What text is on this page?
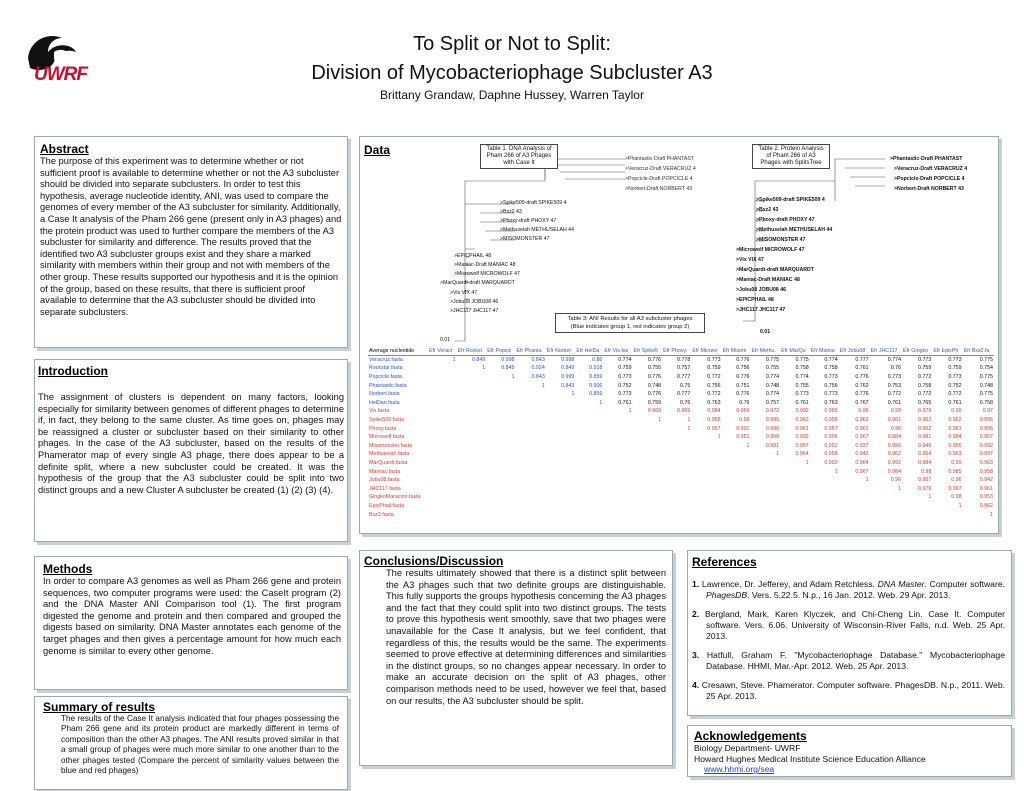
UWRF
To Split or Not to Split:
Division of Mycobacteriophage Subcluster A3
Brittany Grandaw, Daphne Hussey, Warren Taylor
Abstract
The purpose of this experiment was to determine whether or not sufficient proof is available to determine whether or not the A3 subcluster should be divided into separate subclusters. In order to test this hypothesis, average nucleotide identity, ANI, was used to compare the genomes of every member of the A3 subcluster for similarity. Additionally, a Case It analysis of the Pham 266 gene (present only in A3 phages) and the protein product was used to further compare the members of the A3 subcluster for similarity and difference. The results proved that the identified two A3 subcluster groups exist and they share a marked similarity with members within their group and not with members of the other group. These results supported our hypothesis and it is the opinion of the group, based on these results, that there is sufficient proof available to determine that the A3 subcluster should be divided into separate subclusters.
Introduction
The assignment of clusters is dependent on many factors, looking especially for similarity between genomes of different phages to determine if, in fact, they belong to the same cluster. As time goes on, phages may be reassigned a cluster or subcluster based on their similarity to other phages. In the case of the A3 subcluster, based on the results of the Phamerator map of every single A3 phage, there does appear to be a definite split, where a new subcluster could be created. It was the hypothesis of the group that the A3 subcluster could be split into two distinct groups and a new Cluster A subcluster be created (1) (2) (3) (4).
Methods
In order to compare A3 genomes as well as Pham 266 gene and protein sequences, two computer programs were used: the CaseIt program (2) and the DNA Master ANI Comparison tool (1). The first program digested the genome and protein and then compared and grouped the digests based on similarity. DNA Master annotates each genome of the target phages and then gives a percentage amount for how much each genome is similar to every other genome.
Summary of results
The results of the Case It analysis indicated that four phages possessing the Pham 266 gene and its protein product are markedly different in terms of composition than the other A3 phages. The ANI results proved similar in that a small group of phages were much more similar to one another than to the other phages tested (Compare the percent of similarity values between the blue and red phages)
Data	Table 1. DNA Analysis of Pham 266 of A3 Phages with Case It
>Phantastic-Draft PHANTAST
>Veracruz-Draft VERACRUZ 4
>Popcicle-Draft POPCICLE 4
>Norbert-Draft NORBERT 43
>Spike509-draft SPIKE509 4
>Bxz2 43
>Phoxy-draft PHOXY 47
>Methuselah METHUSELAH 44
>MISOMONSTER 47
>EPICPHAIL 48
>Maniac-Draft MANIAC 48
>Microwolf MICROWOLF 47
>MarQuardt-draft MARQUARDT
>Vix VIX 47
>Jobu08 JOBU08 46
>JHC117 JHC117 47
0.01
Table 2. Protein Analysis of Pham 266 of A3 Phages with SplitsTree
>Phantastic-Draft PHANTAST
>Veracruz-Draft VERACRUZ 4
>Popcicle-Draft POPCICLE 4
>Norbert-Draft NORBERT 43
>Spike509-draft SPIKE509 4
>Bxz2 43
>Phoxy-draft PHOXY 47
>Methuselah METHUSELAH 44
>MISOMONSTER 47
>Microwolf MICROWOLF 47
>Vix VIX 47
>MarQuardt-draft MARQUARDT
>Maniac-Draft MANIAC 48
>Jobu08 JOBU08 46
>EPICPHAIL 48
>JHC117 JHC117 47
0.01
Table 3: ANI Results for all A3 subcluster phages
(Blue indicates group 1, red indicates group 2)
Average nucleotide	Efr Veracr	Efr Rockst	Efr Popcic	Efr Phanta	Efr Norber	Efr HelDa	Efr Vix.fas	Efr Spike5	Efr Phoxy.	Efr Micrwo	Efr Misom	Efr Methu.	Efr MarQu	Efr Mainia	Efr Jobu08	Efr JHC117	Efr Gingko	Efr EpicPh	Efr Bxz2.fa
Veracruz.fasta	1	0.849	0.998	0.843	0.998	0.86	0.774	0.776	0.778	0.773	0.776	0.775	0.775	0.774	0.777	0.774	0.773	0.773	0.775
Rockstar.fasta		1	0.849	0.924	0.849	0.918	0.759	0.755	0.757	0.759	0.756	0.755	0.758	0.758	0.761	0.76	0.759	0.759	0.754
Popcicle.fasta			1	0.843	0.999	0.859	0.773	0.776	0.777	0.772	0.776	0.774	0.774	0.773	0.776	0.773	0.772	0.773	0.775
Phantastic.fasta				1	0.843	0.906	0.752	0.748	0.75	0.756	0.751	0.748	0.755	0.756	0.762	0.753	0.758	0.752	0.748
Norbert.fasta					1	0.859	0.773	0.776	0.777	0.772	0.776	0.774	0.773	0.773	0.776	0.772	0.772	0.772	0.775
HelDan.fasta						1	0.761	0.759	0.76	0.763	0.76	0.757	0.761	0.763	0.767	0.761	0.765	0.761	0.758
Vix.fasta							1	0.969	0.969	0.984	0.965	0.972	0.992	0.985	0.96	0.99	0.979	0.99	0.97
Spike509.fasta								1	1	0.958	0.99	0.995	0.962	0.958	0.963	0.961	0.952	0.962	0.995
Phoxy.fasta									1	0.957	0.991	0.996	0.961	0.957	0.961	0.96	0.952	0.961	0.995
Microwolf.fasta										1	0.951	0.958	0.992	0.996	0.967	0.984	0.981	0.984	0.957
Misomonster.fasta											1	0.991	0.957	0.952	0.937	0.956	0.946	0.956	0.992
Methuselah.fasta												1	0.964	0.958	0.943	0.962	0.954	0.963	0.997
MarQuardt.fasta													1	0.992	0.964	0.992	0.984	0.99	0.963
Mainiac.fasta														1	0.967	0.984	0.98	0.985	0.958
Jobu08.fasta															1	0.96	0.957	0.96	0.942
JHC117.fasta																1	0.979	0.997	0.961
GingkoMaracino.fasta																	1	0.98	0.953
EpicPhail.fasta																		1	0.962
Bxz2.fasta																			1
Conclusions/Discussion
The results ultimately showed that there is a distinct split between the A3 phages such that two definite groups are distinguishable. This fully supports the groups hypothesis concerning the A3 phages and the fact that they could split into two distinct groups. The tests to prove this hypothesis went smoothly, save that two phages were unavailable for the Case It analysis, but we feel confident, that regardless of this, the results would be the same. The experiments seemed to prove effective at determining differences and similarities in the distinct groups, so no changes appear necessary. In order to make an accurate decision on the split of A3 phages, other comparison methods need to be used, however we feel that, based on our results, the A3 subcluster should be split.
References
1. Lawrence, Dr. Jefferey, and Adam Retchless. DNA Master. Computer software. PhagesDB. Vers. 5.22.5. N.p., 16 Jan. 2012. Web. 29 Apr. 2013.
2. Bergland, Mark, Karen Klyczek, and Chi-Cheng Lin. Case It. Computer software. Vers. 6.06. University of Wisconsin-River Falls, n.d. Web. 25 Apr. 2013.
3. Hatfull, Graham F. "Mycobacteriophage Database." Mycobacteriophage Database. HHMI, Mar.-Apr. 2012. Web. 25 Apr. 2013.
4. Cresawn, Steve. Phamerator. Computer software. PhagesDB. N.p., 2011. Web. 25 Apr. 2013.
Acknowledgements
Biology Department- UWRF
Howard Hughes Medical Institute Science Education Alliance
www.hhmi.org/sea
